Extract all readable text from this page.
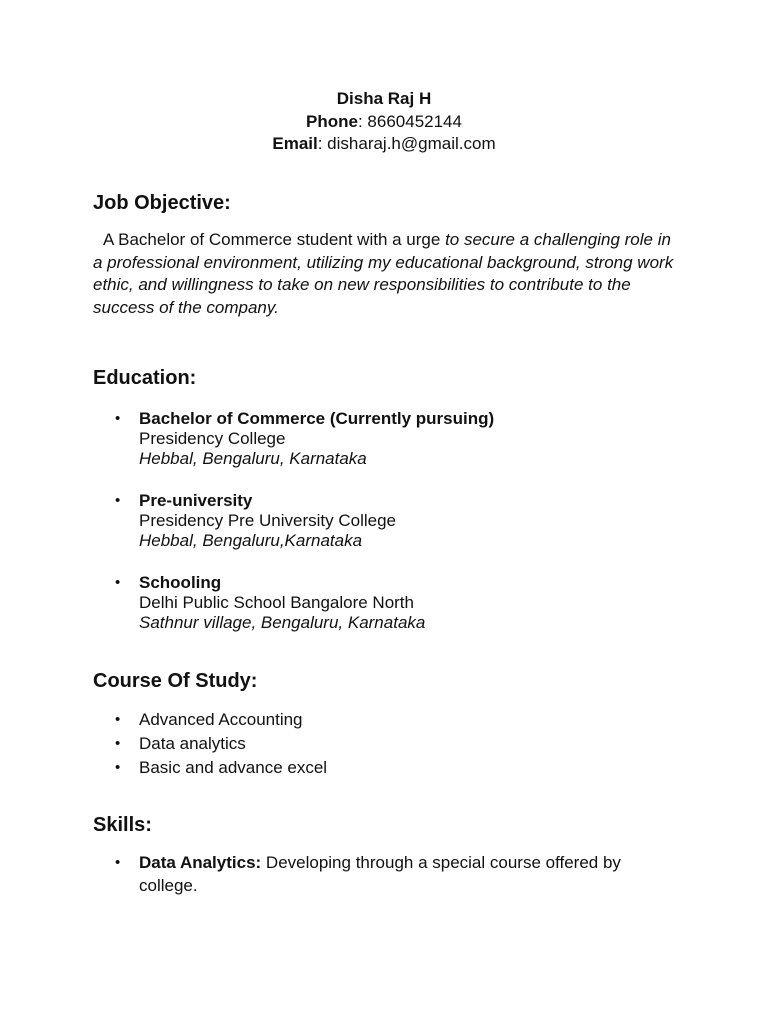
Disha Raj H
Phone: 8660452144
Email: disharaj.h@gmail.com
Job Objective:

A Bachelor of Commerce student with a urge to secure a challenging role in a professional environment, utilizing my educational background, strong work ethic, and willingness to take on new responsibilities to contribute to the success of the company.

Education:
• Bachelor of Commerce (Currently pursuing)
Presidency College
Hebbal, Bengaluru, Karnataka
• Pre-university
Presidency Pre University College
Hebbal, Bengaluru,Karnataka
• Schooling
Delhi Public School Bangalore North
Sathnur village, Bengaluru, Karnataka
Course Of Study:
• Advanced Accounting
• Data analytics
• Basic and advance excel
Skills:
• Data Analytics: Developing through a special course offered by college.
